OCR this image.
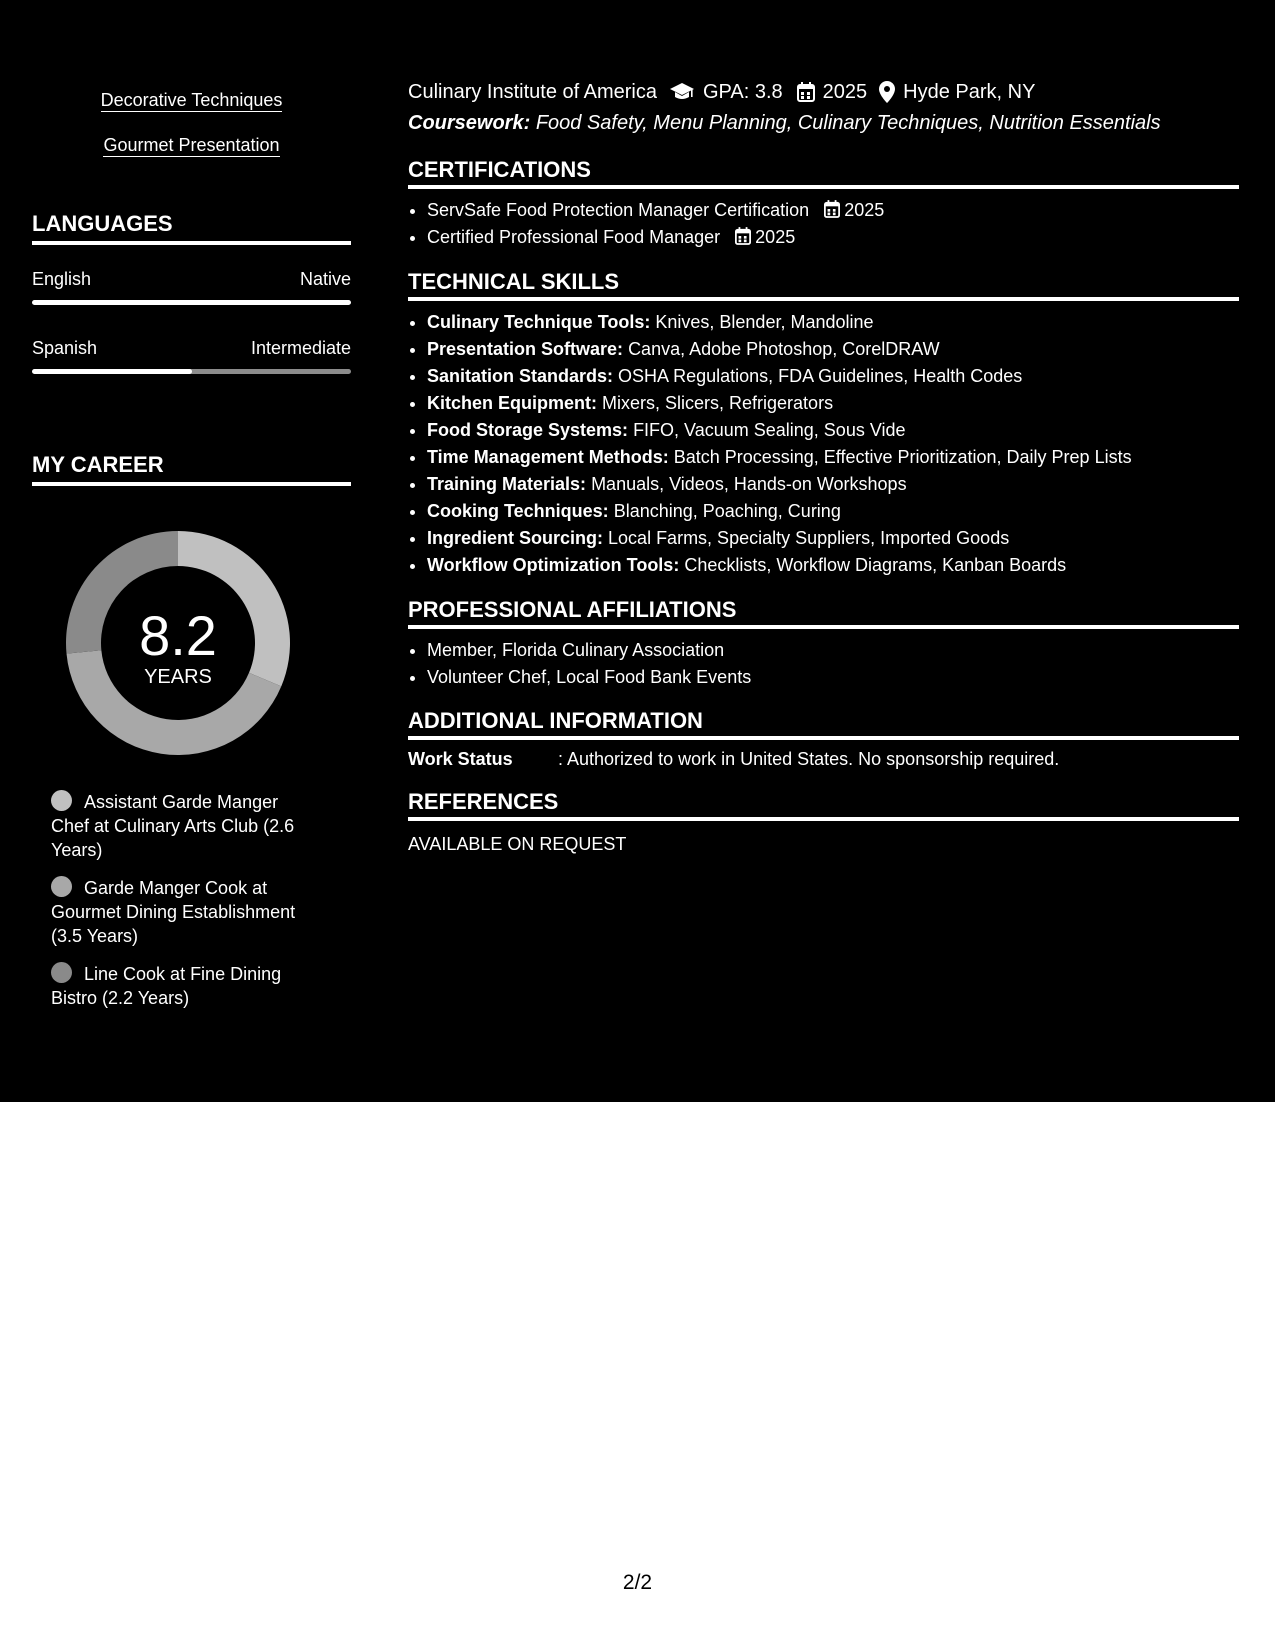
Decorative Techniques
Gourmet Presentation
LANGUAGES
English	Native
Spanish	Intermediate
MY CAREER
8.2
YEARS
Assistant Garde Manger Chef at Culinary Arts Club (2.6 Years)
Garde Manger Cook at Gourmet Dining Establishment (3.5 Years)
Line Cook at Fine Dining Bistro (2.2 Years)
Culinary Institute of America GPA: 3.8 2025 Hyde Park, NY
Coursework: Food Safety, Menu Planning, Culinary Techniques, Nutrition Essentials
CERTIFICATIONS
• ServSafe Food Protection Manager Certification 2025
• Certified Professional Food Manager 2025
TECHNICAL SKILLS
• Culinary Technique Tools: Knives, Blender, Mandoline
• Presentation Software: Canva, Adobe Photoshop, CorelDRAW
• Sanitation Standards: OSHA Regulations, FDA Guidelines, Health Codes
• Kitchen Equipment: Mixers, Slicers, Refrigerators
• Food Storage Systems: FIFO, Vacuum Sealing, Sous Vide
• Time Management Methods: Batch Processing, Effective Prioritization, Daily Prep Lists
• Training Materials: Manuals, Videos, Hands-on Workshops
• Cooking Techniques: Blanching, Poaching, Curing
• Ingredient Sourcing: Local Farms, Specialty Suppliers, Imported Goods
• Workflow Optimization Tools: Checklists, Workflow Diagrams, Kanban Boards
PROFESSIONAL AFFILIATIONS
• Member, Florida Culinary Association
• Volunteer Chef, Local Food Bank Events
ADDITIONAL INFORMATION
Work Status	: Authorized to work in United States. No sponsorship required.
REFERENCES
AVAILABLE ON REQUEST
2/2
